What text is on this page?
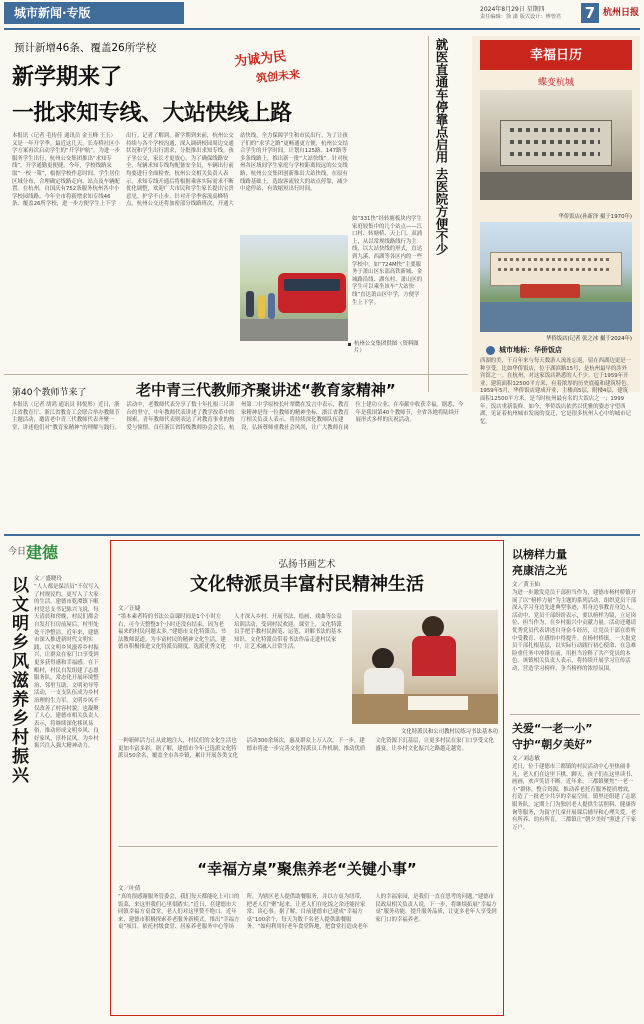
城市新闻·专版	2024年8月29日 星期四
责任编辑：徐 潇 版式设计：傅曾君 7 杭州日报
预计新增46条、覆盖26所学校
新学期来了
一批求知专线、大站快线上路
为诚为民
筑创未来
本报讯（记者 毛传佳 通讯员 金玉峰 王玉）又是一年开学季。最近这几天，长寿桥社区小学方案再次启动学生的“开学护航”。为进一步服务学生出行，杭州公交集团推出“求知专线”，开学通勤更便捷。今年，学校线路采取“一校一策”，根据学校作息时间、学生居住区域分布，合理确定线路走向、站点及车辆配置。在杭州，自国庆有752条服务杭州各中小学校园线路。今年全市将新增求知专线46条、覆盖26所学校，进一步方便学生上下学出行。记者了解到，新学期到来前，杭州公交持续与各个学校沟通，深入调研校园周边交通状况和学生出行需求，分批推出求知专线。孩子坐公交，家长才更放心。为了确保线路安全，每辆求知专线均配备安全员，车辆出行前均要进行全面检查。杭州公交相关负责人表示，求知专线开通后将根据乘客实际需求不断优化调整，欢迎广大市民和学生家长提出宝贵意见。护学不止步，针对开学季客流高峰特点，杭州公交还将加密部分线路班次，开通大站快线，全力保障学生和市民出行。为了让孩子们的“求学之路”更畅通更方便，杭州公交结合学生的开学时间，计划自125路、147路等多条线路上，推出新一批“大站快线”。针对杭州各区域间学生家庭与学校距离较远的公交线路，杭州公交集团创新推出大站快线，在原有线路基础上，选取客流较大的站点停靠，减少中途停站，有效缩短出行时间。
如“331快”经转塘板块内学生家庭较集中的几个站点——江口村、转塘桥、天上门、双浦上，从以常规线路线行为主线，以大站快线的形式，直达到九溪、西湖等各区内的一些学校中，如“724M快”主要服务于萧山区东部高铁新城、金城路沿线、湖东村、萧山区的学生可以乘坐该车“大站快线”直达萧山区中学，方便学生上下学。
杭州公交集团供图（资料图片）
就医直通车停靠点启用 去医院方便不少	幸福日历
蝶变杭城
华侨饭店(孙新泽 摄于1970年)
华侨饭店(记者 张之冰 摄于2024年)
城市地标：华侨饭店
西湖的美，千百年来与每天数游人流连忘返，留在西湖边更是一种享受。比如华侨饭店，位于湖滨路15号，是杭州最早的涉外宾馆之一。在杭州，对这家饭店熟悉的人不少。它于1959年开业，建筑面积12500平方米，有着浓厚的历史底蕴和建筑特色。1959年5月，华侨饭店建成开业，主楼高5层，附楼4层，建筑面积12500平方米，是当时杭州最有名的大饭店之一；1999年，饭店重新装修。如今，华侨饭店依然以优雅的姿态守望西湖，见证着杭州城市发展的变迁，它是很多杭州人心中的城市记忆。
第40个教师节来了	老中青三代教师齐聚讲述“教育家精神”
本报讯（记者 胡鸿 通讯员 韩悦彤）近日，浙江省教育厅、浙江省教育工会联合举办教师节主题活动，邀请老中青三代教师代表齐聚一堂，讲述他们对“教育家精神”的理解与践行。活动中，老教师代表分享了数十年扎根三尺讲台的坚守，中年教师代表讲述了教学改革中的探索，青年教师代表则表达了对教育事业的热爱与憧憬。首任浙江省特级教师协会会长，杭州第二中学原校长叶翠微在发言中表示，教育家精神是每一位教师的精神坐标。浙江省教育厅相关负责人表示，将持续深化教师队伍建设，弘扬尊师重教社会风尚，让广大教师在岗位上建功立业、在奉献中收获幸福。据悉，今年是我国第40个教师节，全省各地将陆续开展形式多样的庆祝活动。
今日 建德
以文明乡风滋养乡村振兴 文／盛晓玲
“人人都是保洁员”不仅写入了村规民约，更写入了大家的生活。建德市乾潭镇下畈村党总支书记陈兴飞说，每天清晨和傍晚，村民们都会自发打扫房前屋后，村里处处干净整洁。近年来，建德市深入推进新时代文明实践，以文明乡风滋养乡村振兴，让群众在家门口享受到更多获得感和幸福感。在下畈村，村民自发组建了志愿服务队，常态化开展环境整治、邻里互助、文明劝导等活动，一支支队伍成为乡村治理的生力军。文明乡风不仅改善了村容村貌，也凝聚了人心。建德市相关负责人表示，将继续深化移风易俗，推动形成文明乡风、良好家风、淳朴民风，为乡村振兴注入强大精神动力。
弘扬书画艺术
文化特派员丰富村民精神生活
文／汪婕
“墨本素者特的书法公益课时间是1个小时左右，可今天整整3个小时还没有结束，因为老福来的村民问题太多。”建德市文化特派员、书法教师说道。为丰富村民的精神文化生活，建德市积极推进文化特派员制度，选派优秀文化人才深入乡村，开展书法、绘画、戏曲等公益培训活动，受到村民欢迎。课堂上，文化特派员手把手教村民握笔、运笔，讲解书法的基本知识。文化特派员带着书法作品走进村民家中，让艺术融入日常生活。
文化特派员和公司教村民练习书法基本功
一种新鲜活力正从此地注入，村民们的文化生活也更加丰富多彩。据了解，建德市今年已选派文化特派员50余名，覆盖全市各乡镇，累计开展各类文化活动300余场次，惠及群众上万人次。下一步，建德市将进一步完善文化特派员工作机制，推动优质文化资源下沉基层，让更多村民在家门口享受文化盛宴，让乡村文化振兴之路越走越宽。
“幸福方桌”聚焦养老“关键小事”
文／叶倩
“真的很感谢服务管委会，我们每天都能吃上可口的饭菜，来这里我们心里很踏实。”近日，在建德市大同镇幸福方桌食堂，老人们对这里赞不绝口。近年来，建德市积极探索养老服务新模式，推出“幸福方桌”项目，依托村级食堂、居家养老服务中心等场所，为辖区老人提供助餐服务，并以方桌为纽带，把老人们“聚”起来，让老人们在吃饭之余还能拉家常、谈心事。据了解，目前建德市已建成“幸福方桌”100余个，每天为数千名老人提供助餐服务。“如何利用好老年食堂阵地，把食堂打造成老年人的幸福家园，是我们一直在思考的问题。”建德市民政局相关负责人说，下一步，将继续拓展“幸福方桌”服务功能，提升服务品质，让更多老年人享受到家门口的幸福养老。
以榜样力量
亮康洁之光
文／黄玉仙
为进一步激发党员干部担当作为，建德市杨村桥镇开展了以“榜样力量”为主题的系列活动，组织党员干部深入学习身边先进典型事迹，用身边事教育身边人。活动中，党员干部纷纷表示，要以榜样为镜，立足岗位、担当作为，在乡村振兴中贡献力量。活动还邀请优秀党员代表讲述自身奋斗经历，让党员干部在聆听中受教育、在感悟中得提升。在杨村桥镇，一大批党员干部扎根基层，以实际行动践行初心使命，在急难险重任务中冲锋在前，用担当诠释了共产党员的本色。该镇相关负责人表示，将持续开展学习宣传活动，营造学习榜样、争当榜样的浓厚氛围。
关爱“一老一小”
守护“朝夕美好”
文／刘志敏
近日，位于建德市三都镇的村民活动中心里热闹非凡，老人们在这里下棋、聊天，孩子们在这里读书、画画，欢声笑语不断。近年来，三都镇聚焦“一老一小”群体，整合资源，推动养老托育服务提质增效，打造了一批老少共享的幸福空间。镇里还组建了志愿服务队，定期上门为独居老人提供生活照料、健康咨询等服务，为留守儿童开展课后辅导和心理关爱。老有所养、幼有所育，三都镇让“朝夕美好”照进了千家万户。
